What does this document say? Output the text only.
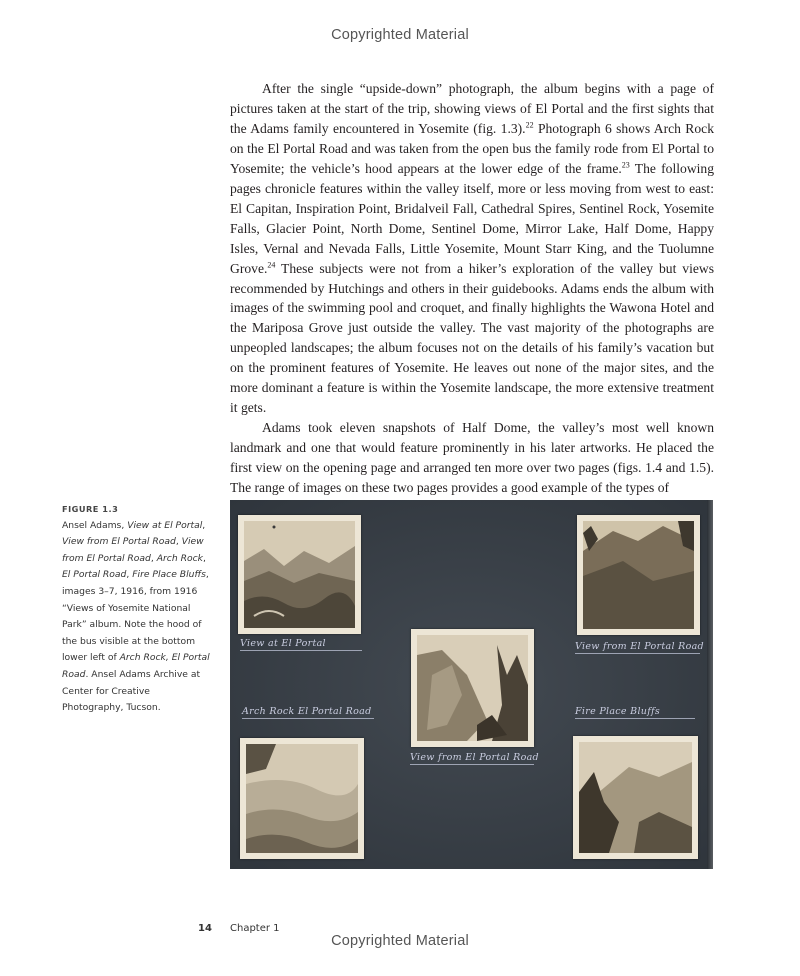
Copyrighted Material

After the single “upside-down” photograph, the album begins with a page of pictures taken at the start of the trip, showing views of El Portal and the first sights that the Adams family encountered in Yosemite (fig. 1.3).$^{22}$ Photograph 6 shows Arch Rock on the El Portal Road and was taken from the open bus the family rode from El Portal to Yosemite; the vehicle’s hood appears at the lower edge of the frame.$^{23}$ The following pages chronicle features within the valley itself, more or less moving from west to east: El Capitan, Inspiration Point, Bridalveil Fall, Cathedral Spires, Sentinel Rock, Yosemite Falls, Glacier Point, North Dome, Sentinel Dome, Mirror Lake, Half Dome, Happy Isles, Vernal and Nevada Falls, Little Yosemite, Mount Starr King, and the Tuolumne Grove.$^{24}$ These subjects were not from a hiker’s exploration of the valley but views recommended by Hutchings and others in their guidebooks. Adams ends the album with images of the swimming pool and croquet, and finally highlights the Wawona Hotel and the Mariposa Grove just outside the valley. The vast majority of the photographs are unpeopled landscapes; the album focuses not on the details of his family’s vacation but on the prominent features of Yosemite. He leaves out none of the major sites, and the more dominant a feature is within the Yosemite landscape, the more extensive treatment it gets.

Adams took eleven snapshots of Half Dome, the valley’s most well known landmark and one that would feature prominently in his later artworks. He placed the first view on the opening page and arranged ten more over two pages (figs. 1.4 and 1.5). The range of images on these two pages provides a good example of the types of

FIGURE 1.3
Ansel Adams, View at El Portal, View from El Portal Road, View from El Portal Road, Arch Rock, El Portal Road, Fire Place Bluffs, images 3–7, 1916, from 1916 “Views of Yosemite National Park” album. Note the hood of the bus visible at the bottom lower left of Arch Rock, El Portal Road. Ansel Adams Archive at Center for Creative Photography, Tucson.
View at El Portal	View from El Portal Road
View from El Portal Road
Arch Rock El Portal Road	Fire Place Bluffs
14 Chapter 1
Copyrighted Material
